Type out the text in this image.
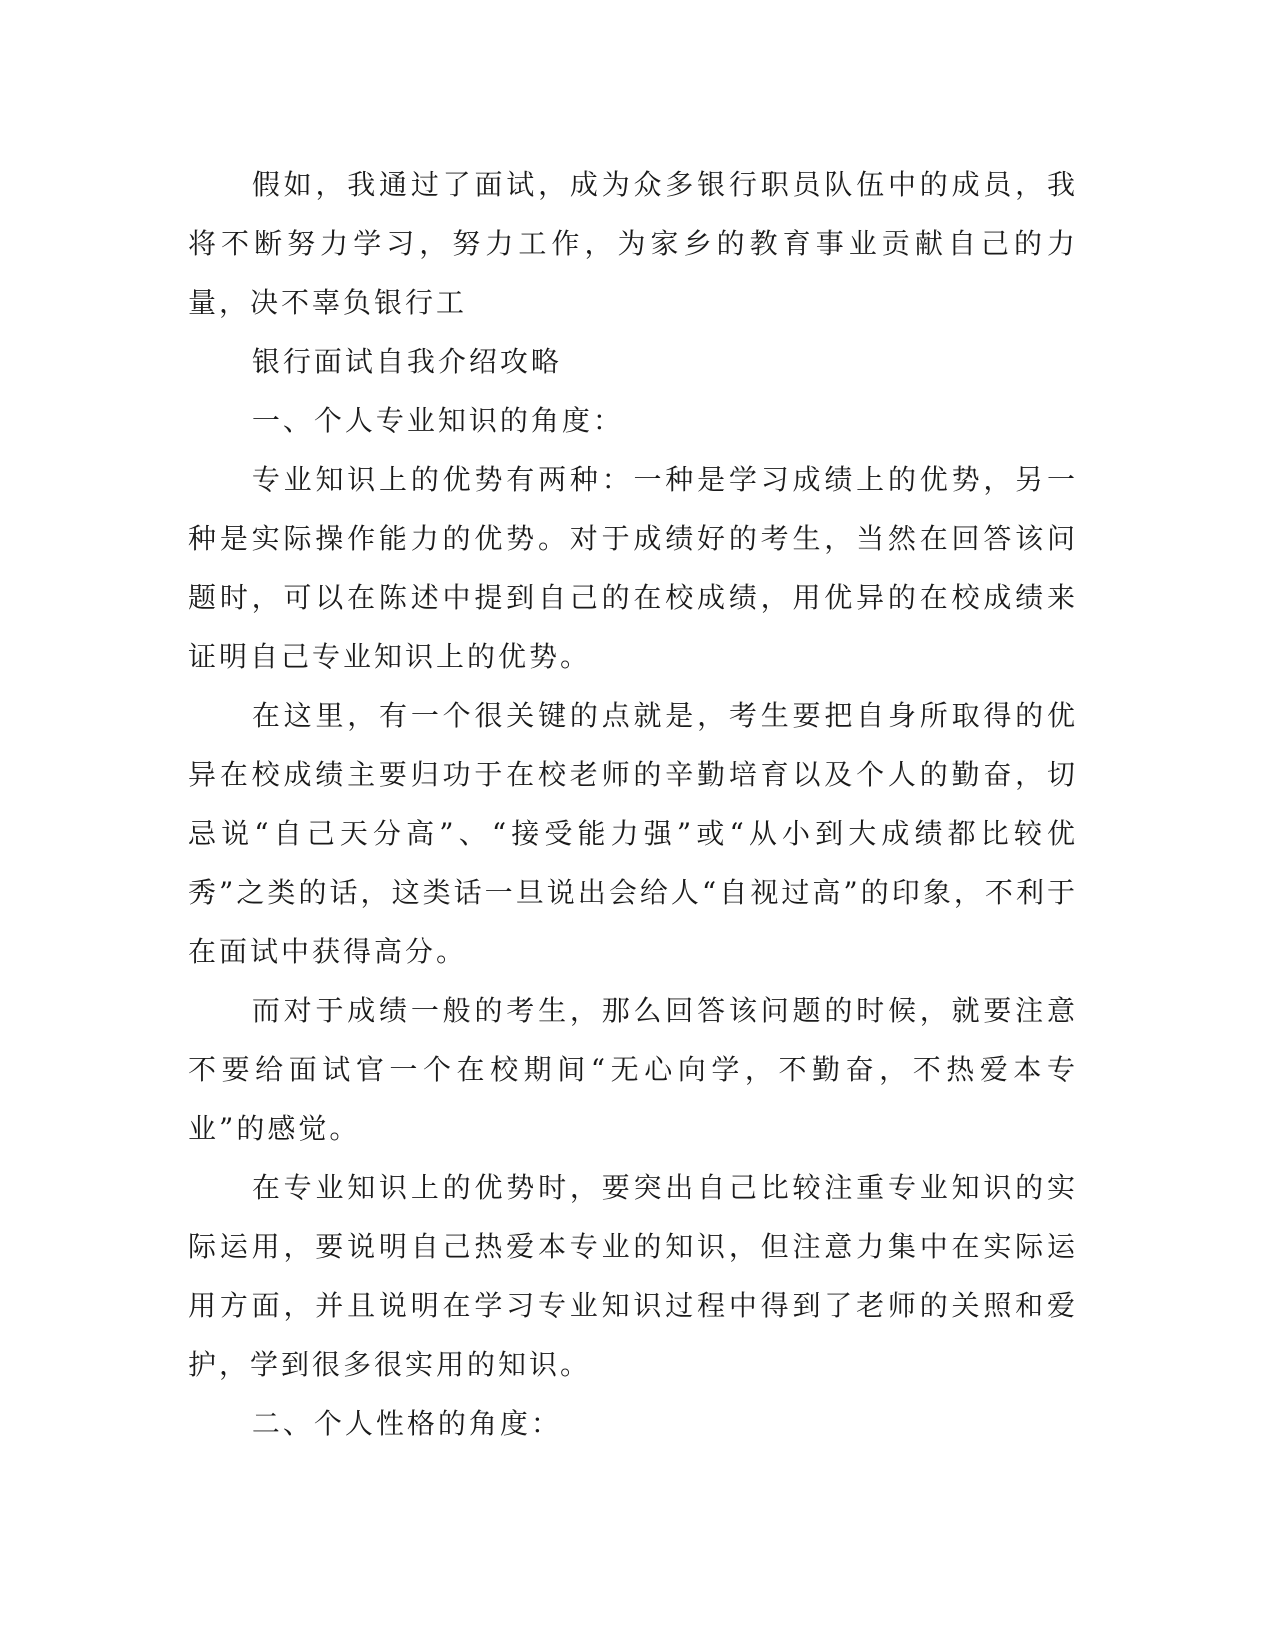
假如，我通过了面试，成为众多银行职员队伍中的成员，我将不断努力学习，努力工作，为家乡的教育事业贡献自己的力量，决不辜负银行工

银行面试自我介绍攻略

一、个人专业知识的角度：

专业知识上的优势有两种：一种是学习成绩上的优势，另一种是实际操作能力的优势。对于成绩好的考生，当然在回答该问题时，可以在陈述中提到自己的在校成绩，用优异的在校成绩来证明自己专业知识上的优势。

在这里，有一个很关键的点就是，考生要把自身所取得的优异在校成绩主要归功于在校老师的辛勤培育以及个人的勤奋，切忌说“自己天分高”、“接受能力强”或“从小到大成绩都比较优秀”之类的话，这类话一旦说出会给人“自视过高”的印象，不利于在面试中获得高分。

而对于成绩一般的考生，那么回答该问题的时候，就要注意不要给面试官一个在校期间“无心向学，不勤奋，不热爱本专业”的感觉。

在专业知识上的优势时，要突出自己比较注重专业知识的实际运用，要说明自己热爱本专业的知识，但注意力集中在实际运用方面，并且说明在学习专业知识过程中得到了老师的关照和爱护，学到很多很实用的知识。

二、个人性格的角度：
